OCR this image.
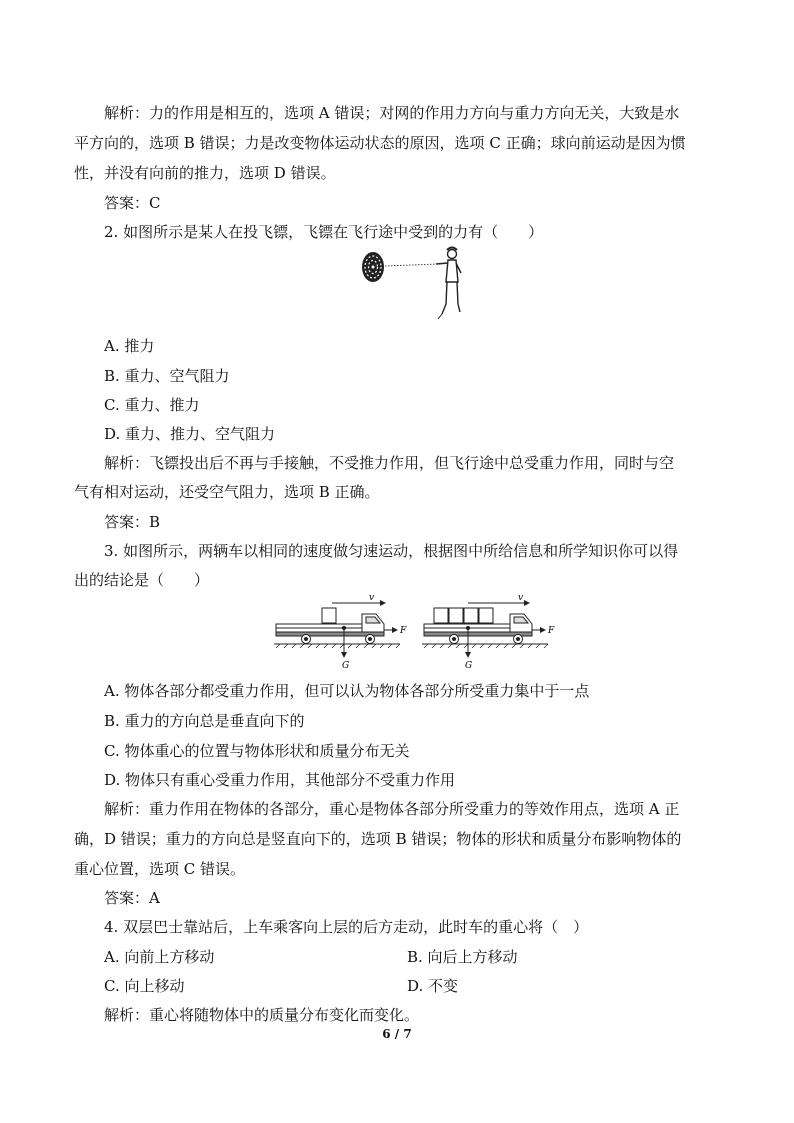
解析：力的作用是相互的，选项 A 错误；对网的作用力方向与重力方向无关，大致是水
平方向的，选项 B 错误；力是改变物体运动状态的原因，选项 C 正确；球向前运动是因为惯
性，并没有向前的推力，选项 D 错误。
答案：C
2. 如图所示是某人在投飞镖，飞镖在飞行途中受到的力有（　　）
A. 推力
B. 重力、空气阻力
C. 重力、推力
D. 重力、推力、空气阻力
解析：飞镖投出后不再与手接触，不受推力作用，但飞行途中总受重力作用，同时与空
气有相对运动，还受空气阻力，选项 B 正确。
答案：B
3. 如图所示，两辆车以相同的速度做匀速运动，根据图中所给信息和所学知识你可以得
出的结论是（　　）
v
F
G
v
F
G
A. 物体各部分都受重力作用，但可以认为物体各部分所受重力集中于一点
B. 重力的方向总是垂直向下的
C. 物体重心的位置与物体形状和质量分布无关
D. 物体只有重心受重力作用，其他部分不受重力作用
解析：重力作用在物体的各部分，重心是物体各部分所受重力的等效作用点，选项 A 正
确，D 错误；重力的方向总是竖直向下的，选项 B 错误；物体的形状和质量分布影响物体的
重心位置，选项 C 错误。
答案：A
4. 双层巴士靠站后，上车乘客向上层的后方走动，此时车的重心将（　）
A. 向前上方移动	B. 向后上方移动
C. 向上移动	D. 不变
解析：重心将随物体中的质量分布变化而变化。
6 / 7
